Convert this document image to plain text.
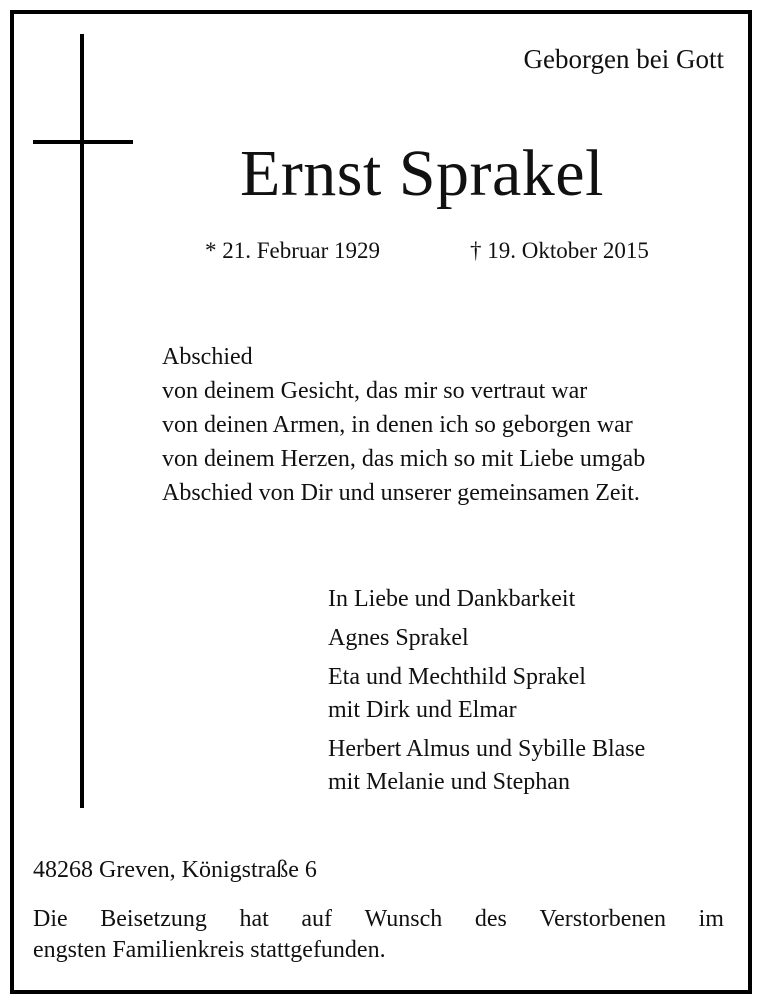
Geborgen bei Gott
Ernst Sprakel
* 21. Februar 1929	† 19. Oktober 2015
Abschied
von deinem Gesicht, das mir so vertraut war
von deinen Armen, in denen ich so geborgen war
von deinem Herzen, das mich so mit Liebe umgab
Abschied von Dir und unserer gemeinsamen Zeit.
In Liebe und Dankbarkeit
Agnes Sprakel
Eta und Mechthild Sprakel
mit Dirk und Elmar
Herbert Almus und Sybille Blase
mit Melanie und Stephan
48268 Greven, Königstraße 6
Die Beisetzung hat auf Wunsch des Verstorbenen im
engsten Familienkreis stattgefunden.
